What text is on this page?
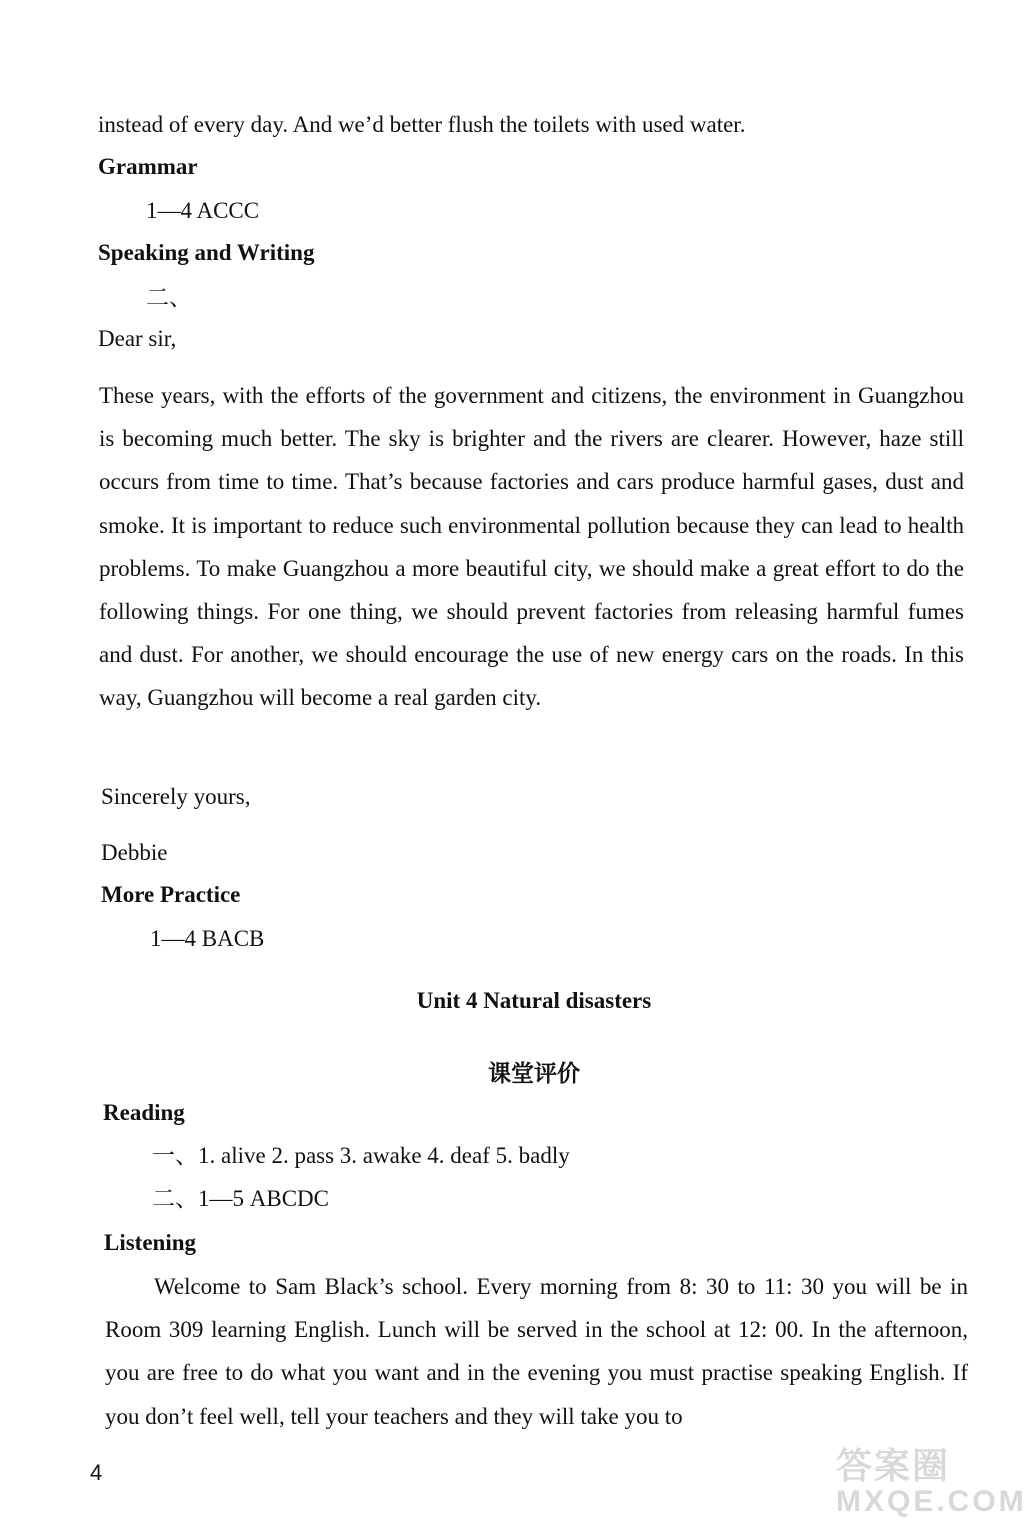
instead of every day. And we’d better flush the toilets with used water.
Grammar
1—4 ACCC
Speaking and Writing
二、
Dear sir,
These years, with the efforts of the government and citizens, the environment in Guangzhou is becoming much better. The sky is brighter and the rivers are clearer. However, haze still occurs from time to time. That’s because factories and cars produce harmful gases, dust and smoke. It is important to reduce such environmental pollution because they can lead to health problems. To make Guangzhou a more beautiful city, we should make a great effort to do the following things. For one thing, we should prevent factories from releasing harmful fumes and dust. For another, we should encourage the use of new energy cars on the roads. In this way, Guangzhou will become a real garden city.
Sincerely yours,
Debbie
More Practice
1—4 BACB
Unit 4 Natural disasters
课堂评价
Reading
一、1. alive 2. pass 3. awake 4. deaf 5. badly
二、1—5 ABCDC
Listening
Welcome to Sam Black’s school. Every morning from 8: 30 to 11: 30 you will be in Room 309 learning English. Lunch will be served in the school at 12: 00. In the afternoon, you are free to do what you want and in the evening you must practise speaking English. If you don’t feel well, tell your teachers and they will take you to
4	答案圈
MXQE.COM
